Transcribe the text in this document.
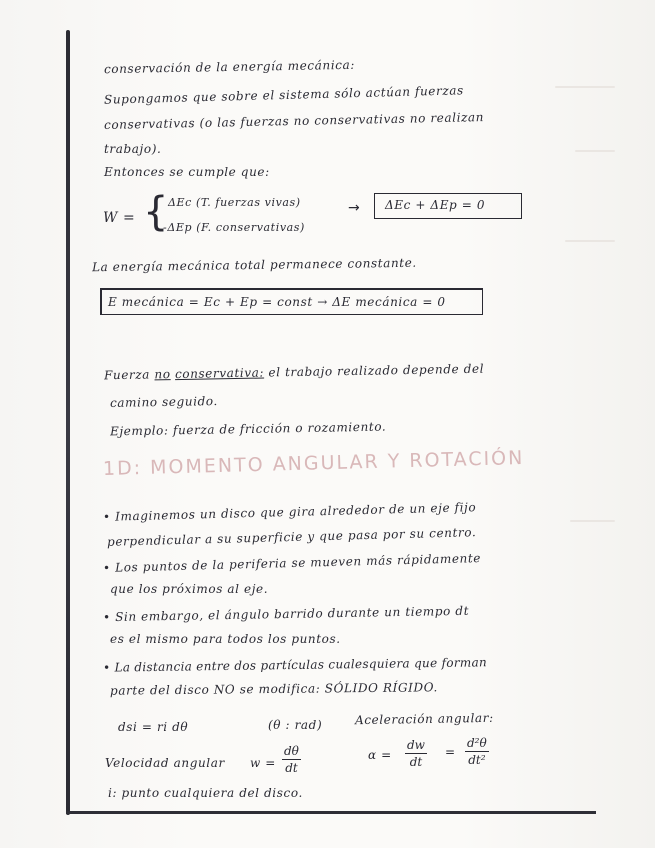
conservación de la energía mecánica:
Supongamos que sobre el sistema sólo actúan fuerzas
conservativas (o las fuerzas no conservativas no realizan
trabajo).
Entonces se cumple que:
W = { ΔEc (T. fuerzas vivas)
-ΔEp (F. conservativas)
→ ΔEc + ΔEp = 0
La energía mecánica total permanece constante.
E mecánica = Ec + Ep = const → ΔE mecánica = 0
Fuerza no conservativa: el trabajo realizado depende del
camino seguido.
Ejemplo: fuerza de fricción o rozamiento.
1D: MOMENTO ANGULAR Y ROTACIÓN
• Imaginemos un disco que gira alrededor de un eje fijo
perpendicular a su superficie y que pasa por su centro.
• Los puntos de la periferia se mueven más rápidamente
que los próximos al eje.
• Sin embargo, el ángulo barrido durante un tiempo dt
es el mismo para todos los puntos.
• La distancia entre dos partículas cualesquiera que forman
parte del disco NO se modifica: SÓLIDO RÍGIDO.
dsi = ri dθ	(θ : rad)	Aceleración angular:
Velocidad angular $w = \frac{d\theta}{dt}$	$\alpha = \frac{dw}{dt} = \frac{\text{d²θ}}{\text{dt²}}$
i: punto cualquiera del disco.
